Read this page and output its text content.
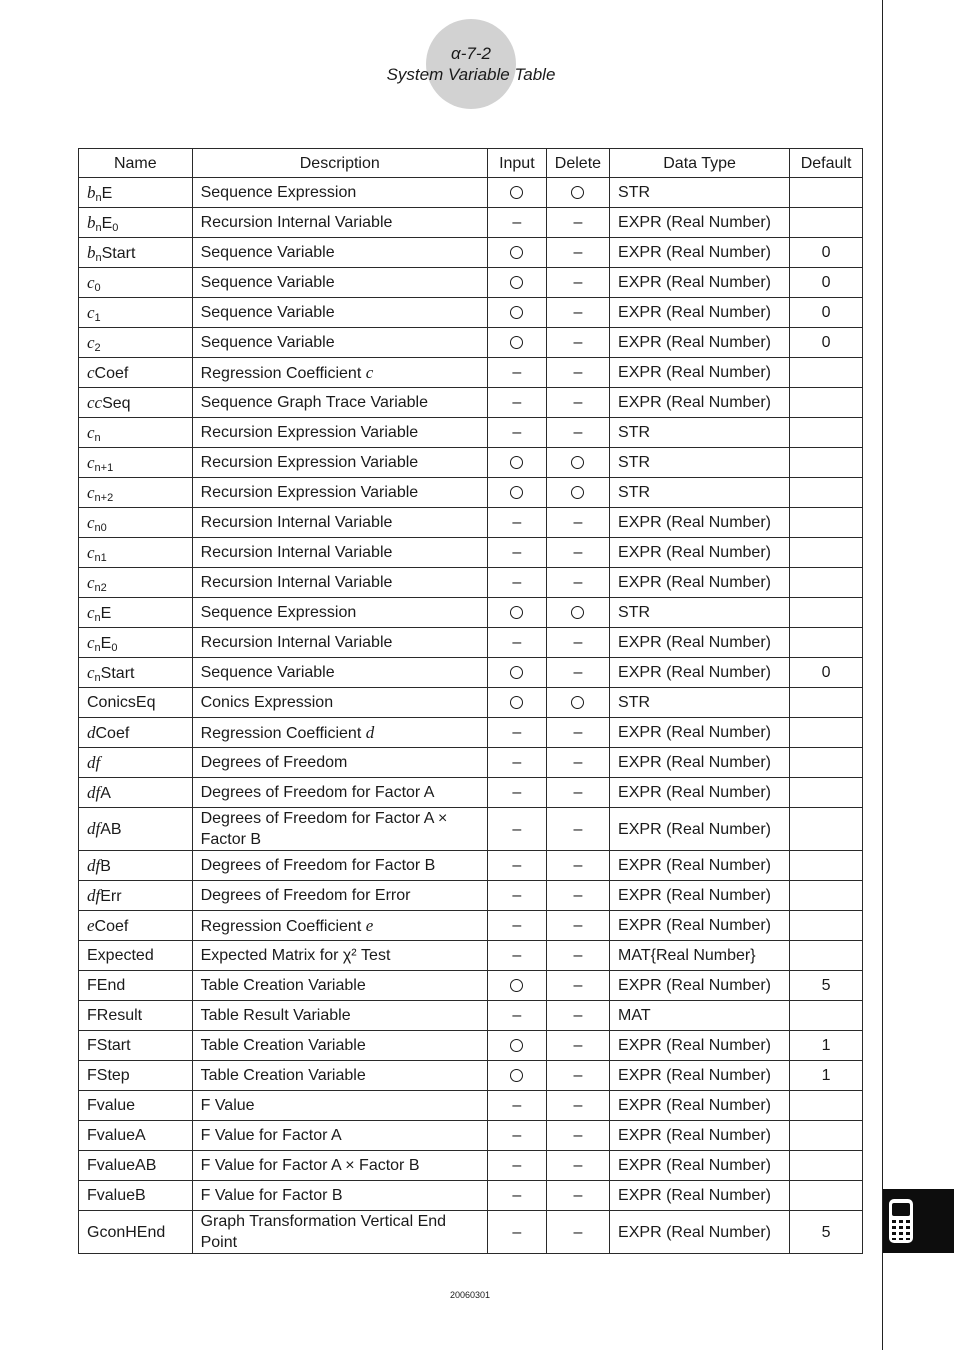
α-7-2
System Variable Table
Name	Description	Input	Delete	Data Type	Default
$b_nE$	Sequence Expression			STR	
$b_nE_0$	Recursion Internal Variable	–	–	EXPR (Real Number)	
$b_nStart$	Sequence Variable		–	EXPR (Real Number)	0
$c_0$	Sequence Variable		–	EXPR (Real Number)	0
$c_1$	Sequence Variable		–	EXPR (Real Number)	0
$c_2$	Sequence Variable		–	EXPR (Real Number)	0
cCoef	Regression Coefficient c	–	–	EXPR (Real Number)	
ccSeq	Sequence Graph Trace Variable	–	–	EXPR (Real Number)	
$c_n$	Recursion Expression Variable	–	–	STR	
$c_{n+1}$	Recursion Expression Variable			STR	
$c_{n+2}$	Recursion Expression Variable			STR	
$c_{n0}$	Recursion Internal Variable	–	–	EXPR (Real Number)	
$c_{n1}$	Recursion Internal Variable	–	–	EXPR (Real Number)	
$c_{n2}$	Recursion Internal Variable	–	–	EXPR (Real Number)	
$c_nE$	Sequence Expression			STR	
$c_nE_0$	Recursion Internal Variable	–	–	EXPR (Real Number)	
$c_nStart$	Sequence Variable		–	EXPR (Real Number)	0
ConicsEq	Conics Expression			STR	
dCoef	Regression Coefficient d	–	–	EXPR (Real Number)	
df	Degrees of Freedom	–	–	EXPR (Real Number)	
dfA	Degrees of Freedom for Factor A	–	–	EXPR (Real Number)	
dfAB	Degrees of Freedom for Factor A × Factor B	–	–	EXPR (Real Number)	
dfB	Degrees of Freedom for Factor B	–	–	EXPR (Real Number)	
dfErr	Degrees of Freedom for Error	–	–	EXPR (Real Number)	
eCoef	Regression Coefficient e	–	–	EXPR (Real Number)	
Expected	Expected Matrix for χ² Test	–	–	MAT{Real Number}	
FEnd	Table Creation Variable		–	EXPR (Real Number)	5
FResult	Table Result Variable	–	–	MAT	
FStart	Table Creation Variable		–	EXPR (Real Number)	1
FStep	Table Creation Variable		–	EXPR (Real Number)	1
Fvalue	F Value	–	–	EXPR (Real Number)	
FvalueA	F Value for Factor A	–	–	EXPR (Real Number)	
FvalueAB	F Value for Factor A × Factor B	–	–	EXPR (Real Number)	
FvalueB	F Value for Factor B	–	–	EXPR (Real Number)	
GconHEnd	Graph Transformation Vertical End Point	–	–	EXPR (Real Number)	5
20060301
